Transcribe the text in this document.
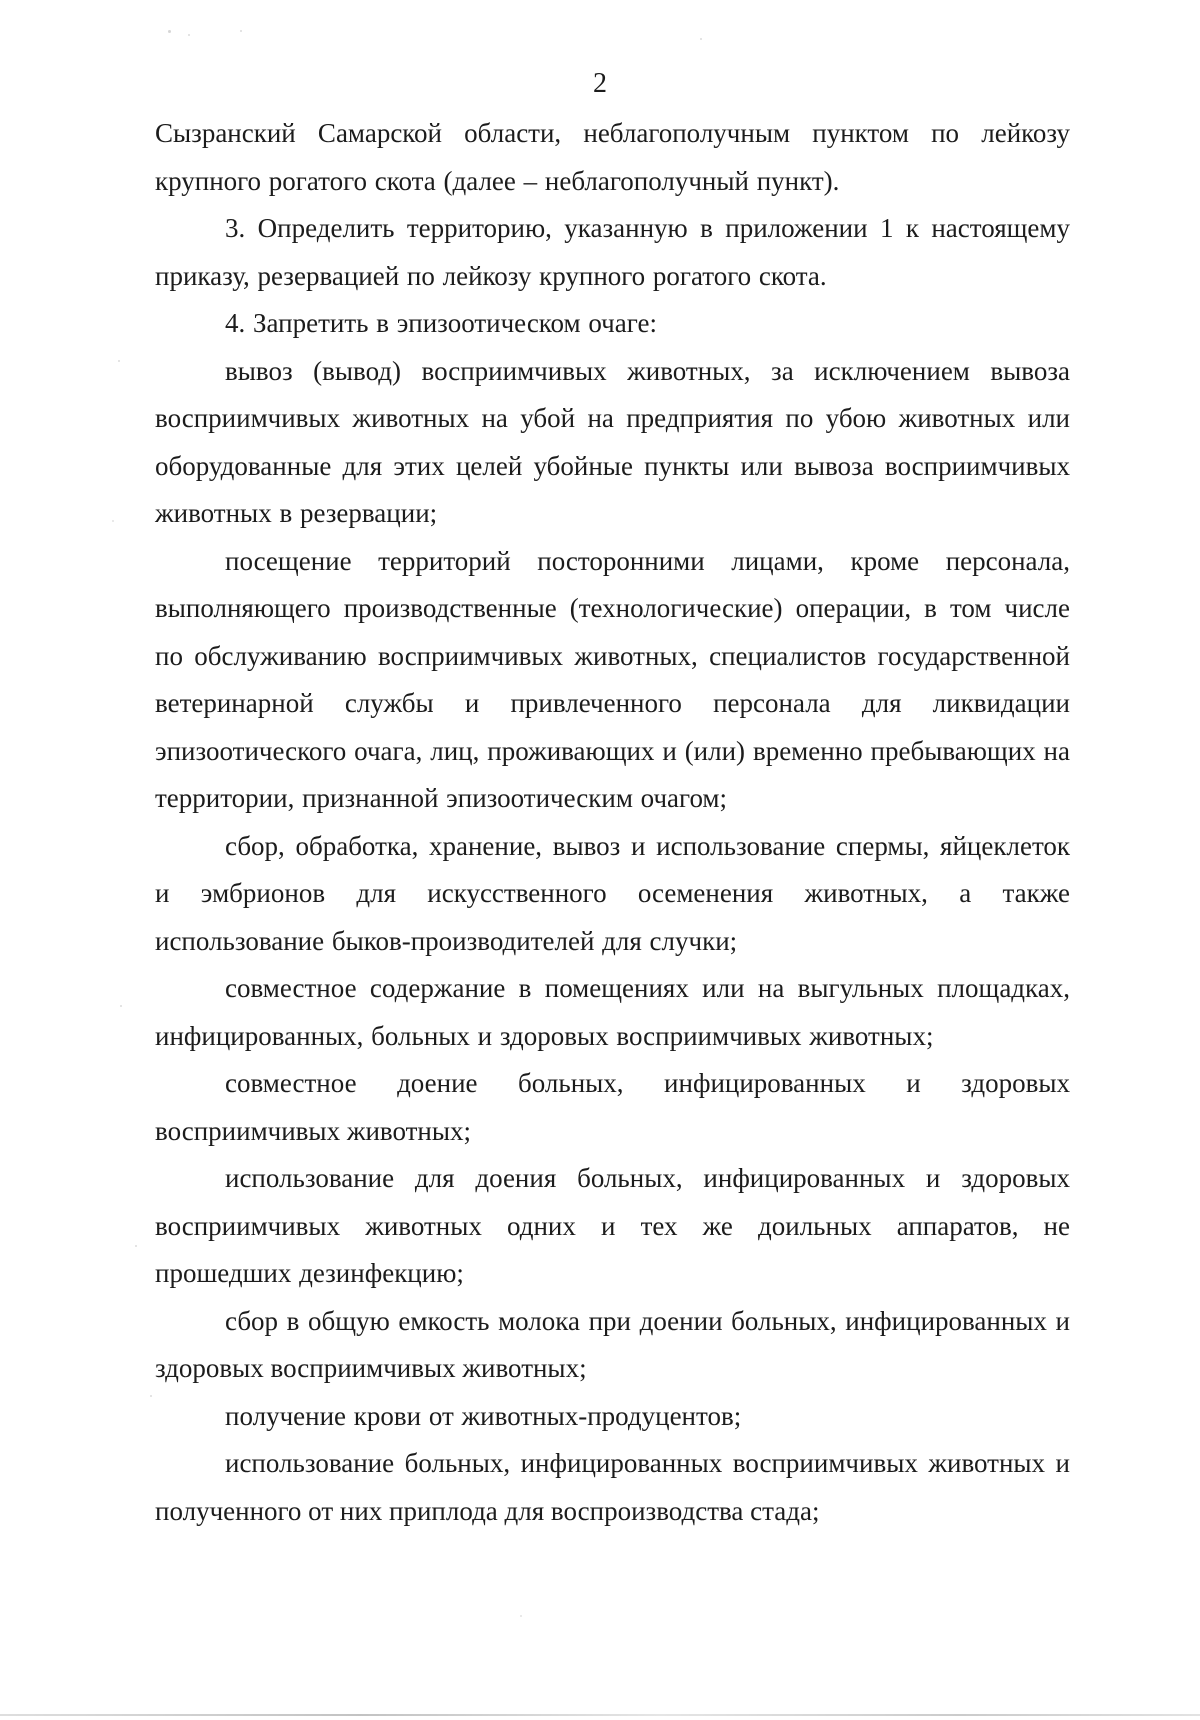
2

Сызранский Самарской области, неблагополучным пунктом по лейкозу крупного рогатого скота (далее – неблагополучный пункт).

3. Определить территорию, указанную в приложении 1 к настоящему приказу, резервацией по лейкозу крупного рогатого скота.

4. Запретить в эпизоотическом очаге:

вывоз (вывод) восприимчивых животных, за исключением вывоза восприимчивых животных на убой на предприятия по убою животных или оборудованные для этих целей убойные пункты или вывоза восприимчивых животных в резервации;

посещение территорий посторонними лицами, кроме персонала, выполняющего производственные (технологические) операции, в том числе по обслуживанию восприимчивых животных, специалистов государственной ветеринарной службы и привлеченного персонала для ликвидации эпизоотического очага, лиц, проживающих и (или) временно пребывающих на территории, признанной эпизоотическим очагом;

сбор, обработка, хранение, вывоз и использование спермы, яйцеклеток и эмбрионов для искусственного осеменения животных, а также использование быков-производителей для случки;

совместное содержание в помещениях или на выгульных площадках, инфицированных, больных и здоровых восприимчивых животных;

совместное доение больных, инфицированных и здоровых восприимчивых животных;

использование для доения больных, инфицированных и здоровых восприимчивых животных одних и тех же доильных аппаратов, не прошедших дезинфекцию;

сбор в общую емкость молока при доении больных, инфицированных и здоровых восприимчивых животных;

получение крови от животных-продуцентов;

использование больных, инфицированных восприимчивых животных и полученного от них приплода для воспроизводства стада;
